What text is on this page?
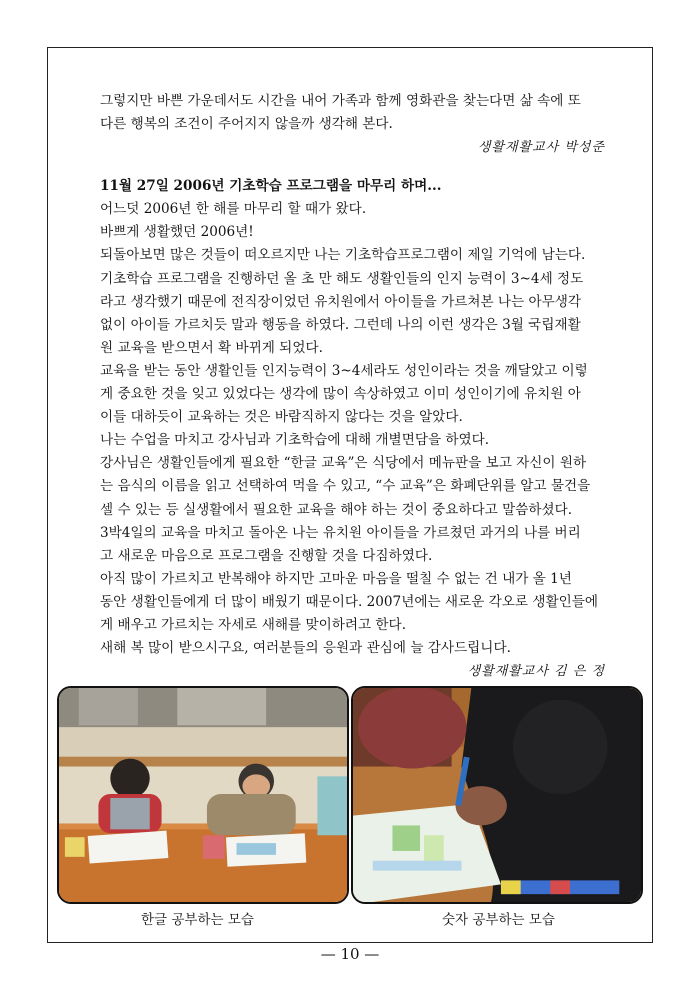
그렇지만 바쁜 가운데서도 시간을 내어 가족과 함께 영화관을 찾는다면 삶 속에 또

다른 행복의 조건이 주어지지 않을까 생각해 본다.

생활재활교사 박성준

11월 27일 2006년 기초학습 프로그램을 마무리 하며...

어느덧 2006년 한 해를 마무리 할 때가 왔다.

바쁘게 생활했던 2006년!

되돌아보면 많은 것들이 떠오르지만 나는 기초학습프로그램이 제일 기억에 남는다.

기초학습 프로그램을 진행하던 올 초 만 해도 생활인들의 인지 능력이 3~4세 정도

라고 생각했기 때문에 전직장이었던 유치원에서 아이들을 가르쳐본 나는 아무생각

없이 아이들 가르치듯 말과 행동을 하였다. 그런데 나의 이런 생각은 3월 국립재활

원 교육을 받으면서 확 바뀌게 되었다.

교육을 받는 동안 생활인들 인지능력이 3~4세라도 성인이라는 것을 깨달았고 이렇

게 중요한 것을 잊고 있었다는 생각에 많이 속상하였고 이미 성인이기에 유치원 아

이들 대하듯이 교육하는 것은 바람직하지 않다는 것을 알았다.

나는 수업을 마치고 강사님과 기초학습에 대해 개별면담을 하였다.

강사님은 생활인들에게 필요한 “한글 교육”은 식당에서 메뉴판을 보고 자신이 원하

는 음식의 이름을 읽고 선택하여 먹을 수 있고, “수 교육”은 화폐단위를 알고 물건을

셀 수 있는 등 실생활에서 필요한 교육을 해야 하는 것이 중요하다고 말씀하셨다.

3박4일의 교육을 마치고 돌아온 나는 유치원 아이들을 가르쳤던 과거의 나를 버리

고 새로운 마음으로 프로그램을 진행할 것을 다짐하였다.

아직 많이 가르치고 반복해야 하지만 고마운 마음을 떨칠 수 없는 건 내가 올 1년

동안 생활인들에게 더 많이 배웠기 때문이다. 2007년에는 새로운 각오로 생활인들에

게 배우고 가르치는 자세로 새해를 맞이하려고 한다.

새해 복 많이 받으시구요, 여러분들의 응원과 관심에 늘 감사드립니다.

생활재활교사 김 은 정

한글 공부하는 모습	숫자 공부하는 모습
— 10 —
